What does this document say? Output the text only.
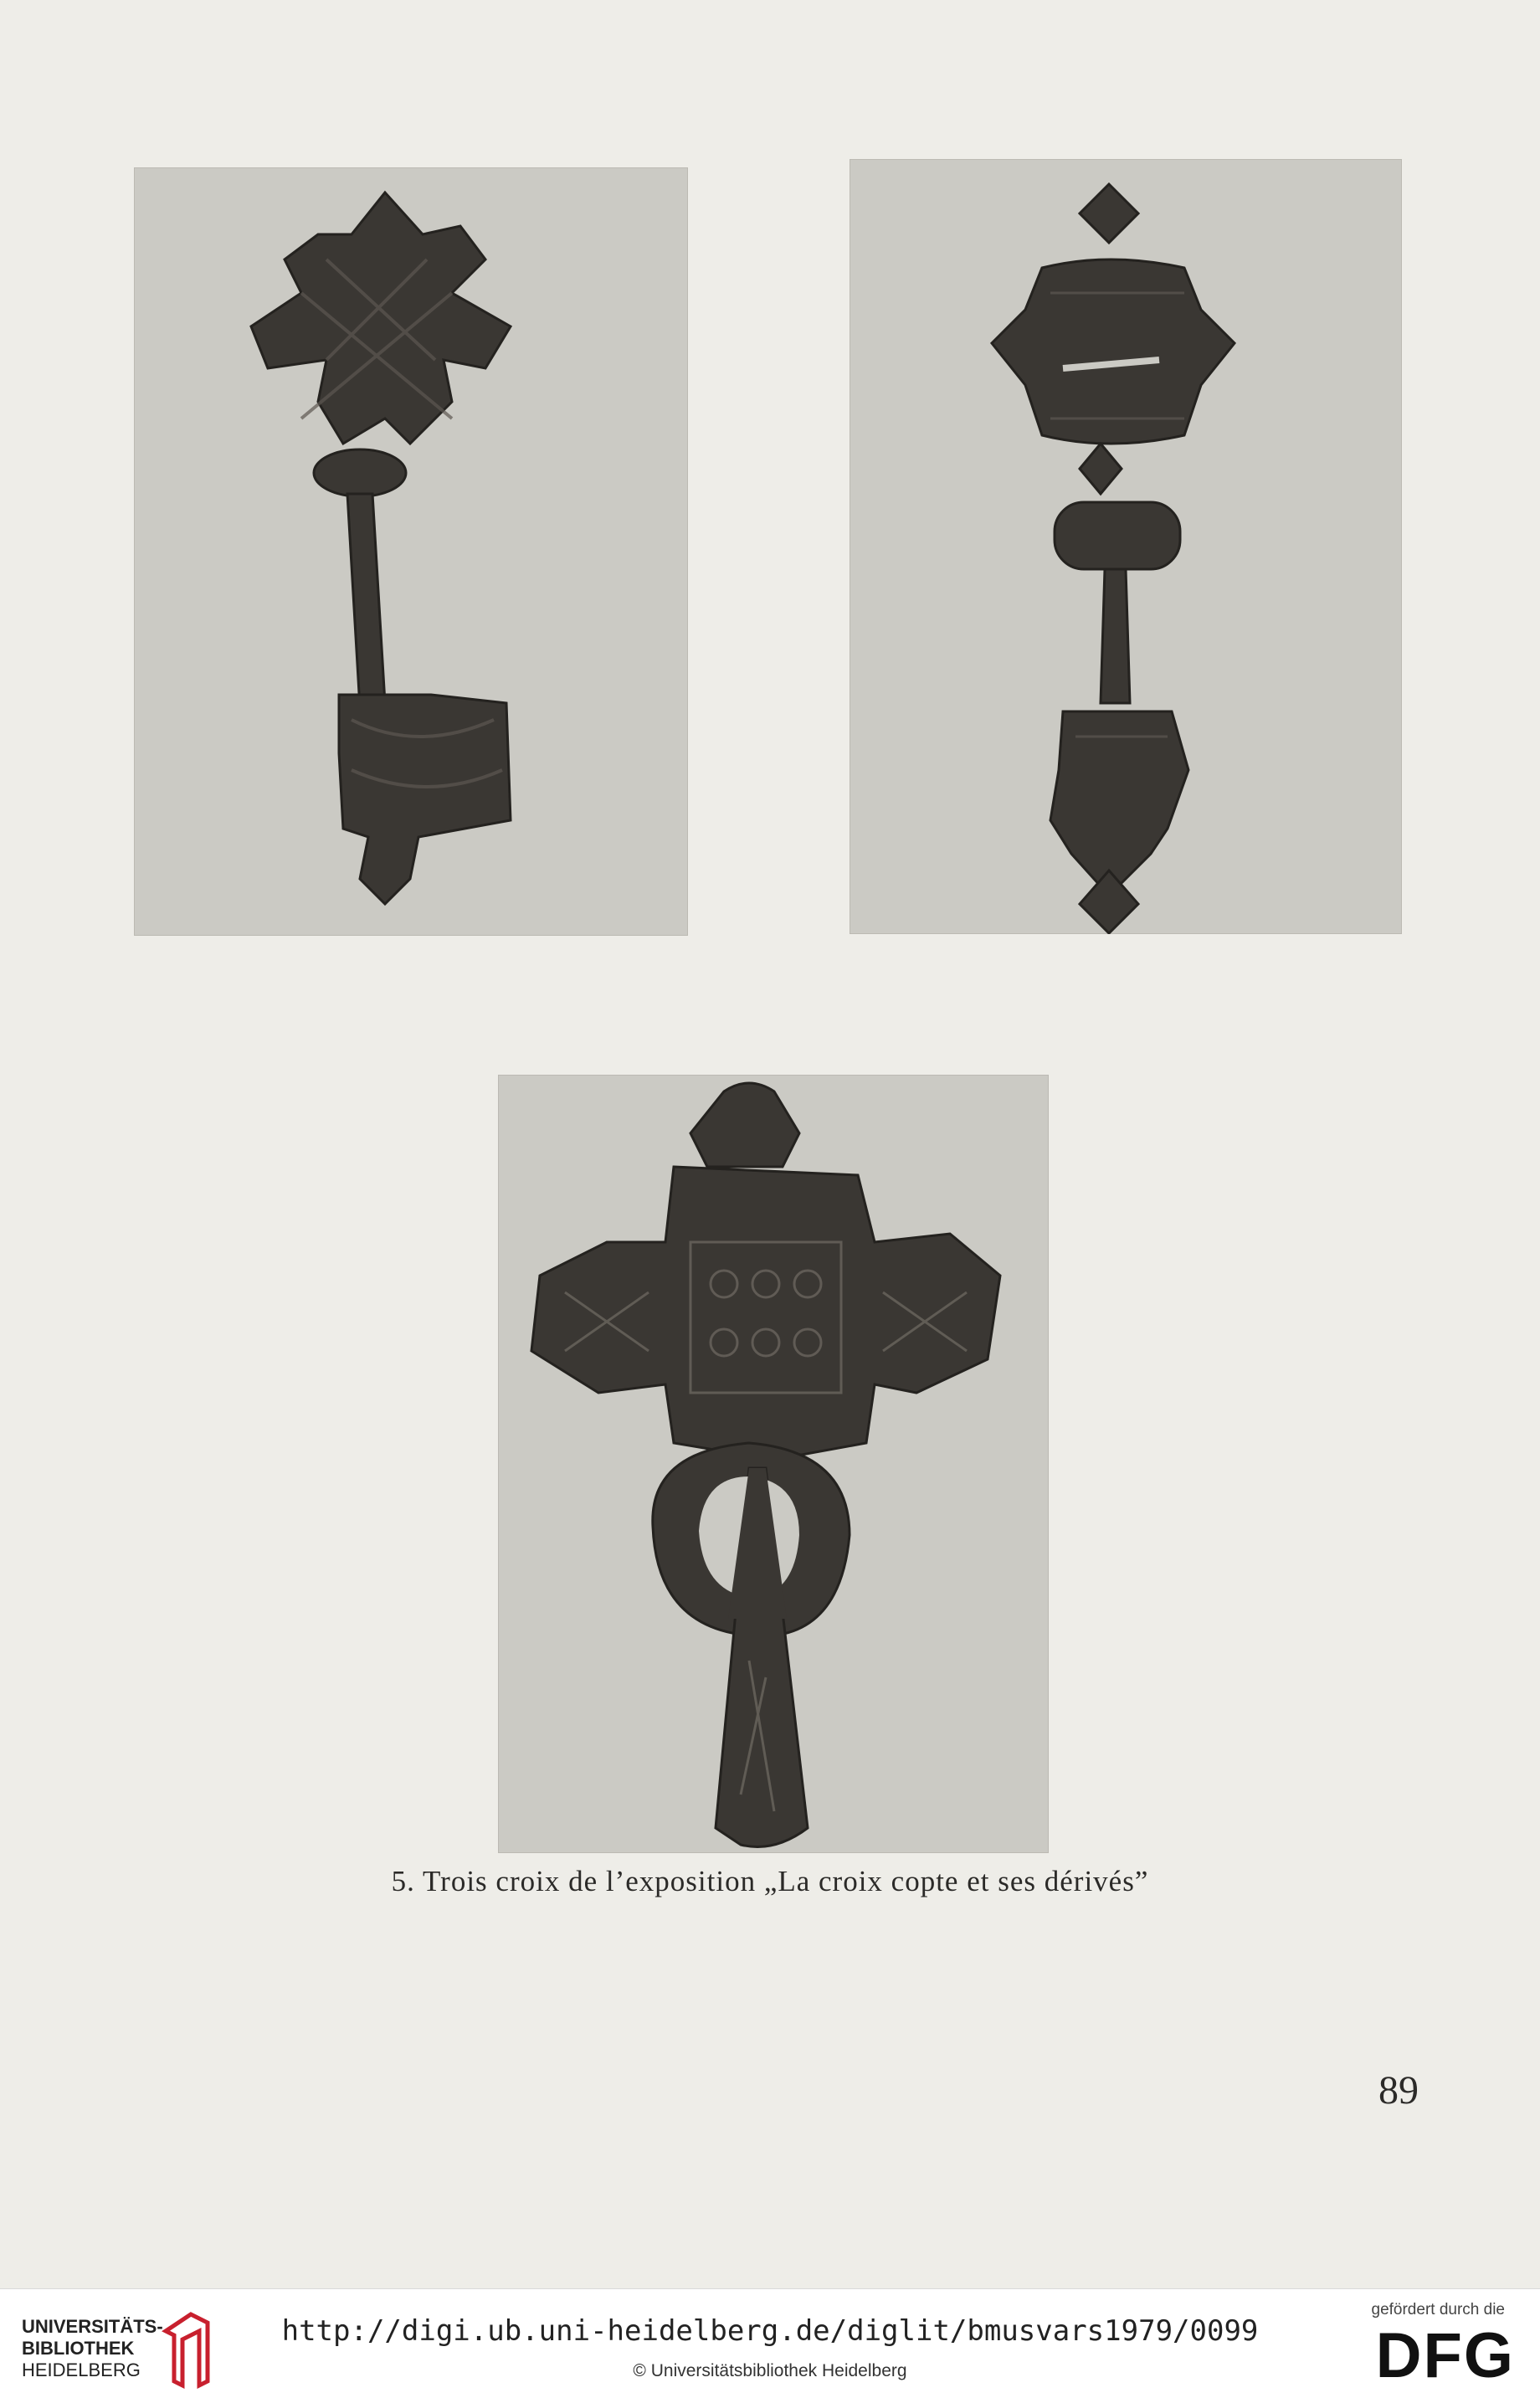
5. Trois croix de l’exposition „La croix copte et ses dérivés”
89
UNIVERSITÄTS-
BIBLIOTHEK
HEIDELBERG
http://digi.ub.uni-heidelberg.de/diglit/bmusvars1979/0099
© Universitätsbibliothek Heidelberg
gefördert durch die
DFG
